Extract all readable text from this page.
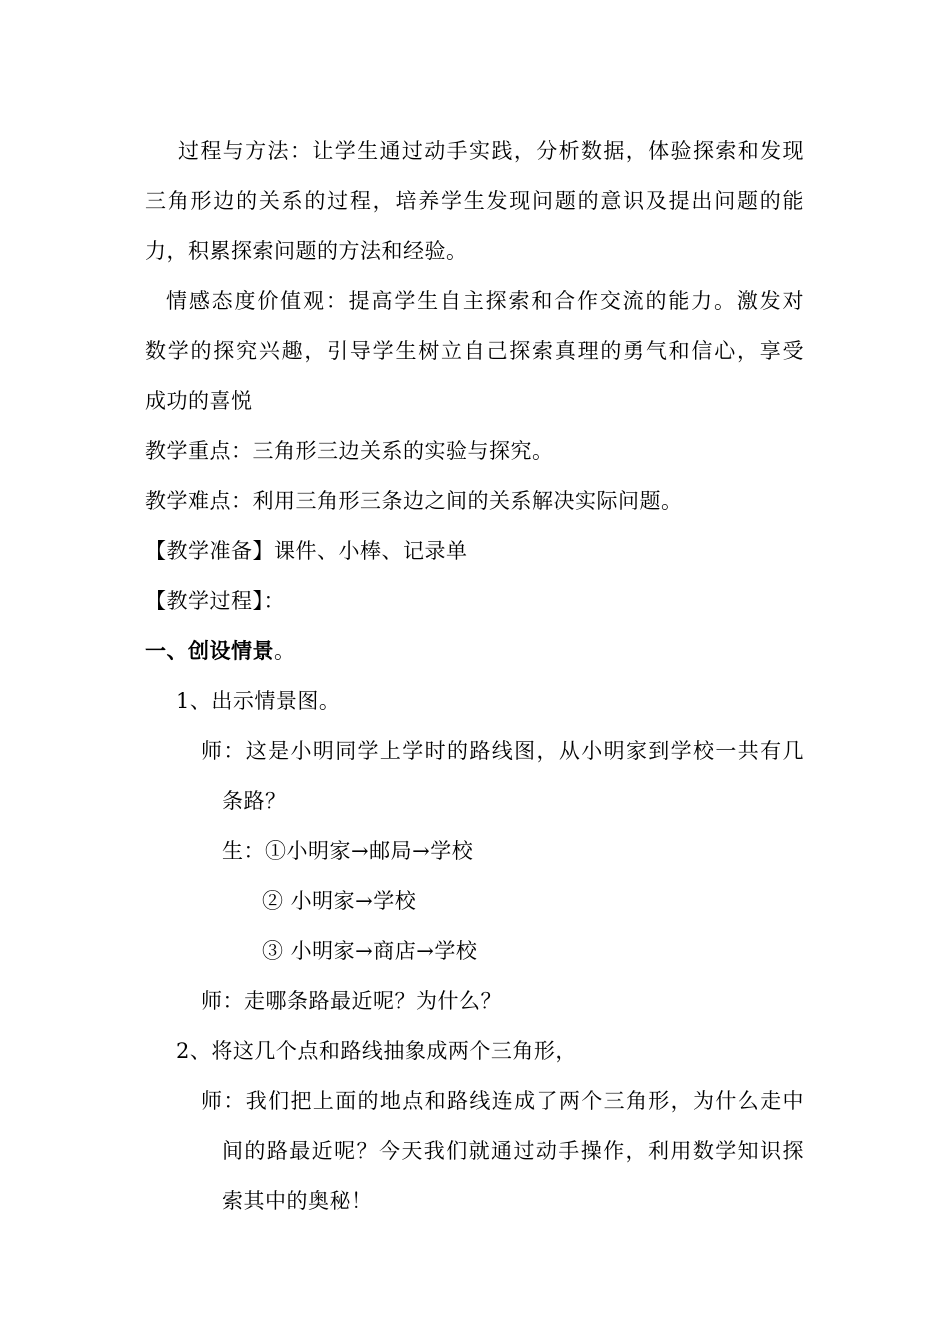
过程与方法：让学生通过动手实践，分析数据，体验探索和发现
三角形边的关系的过程，培养学生发现问题的意识及提出问题的能
力，积累探索问题的方法和经验。
情感态度价值观：提高学生自主探索和合作交流的能力。激发对
数学的探究兴趣，引导学生树立自己探索真理的勇气和信心，享受
成功的喜悦
教学重点：三角形三边关系的实验与探究。
教学难点：利用三角形三条边之间的关系解决实际问题。
【教学准备】课件、小棒、记录单
【教学过程】：
一、创设情景。
1、出示情景图。
师：这是小明同学上学时的路线图，从小明家到学校一共有几
条路？
生：①小明家→邮局→学校
② 小明家→学校
③ 小明家→商店→学校
师：走哪条路最近呢？为什么？
2、将这几个点和路线抽象成两个三角形，
师：我们把上面的地点和路线连成了两个三角形，为什么走中
间的路最近呢？今天我们就通过动手操作，利用数学知识探
索其中的奥秘！
